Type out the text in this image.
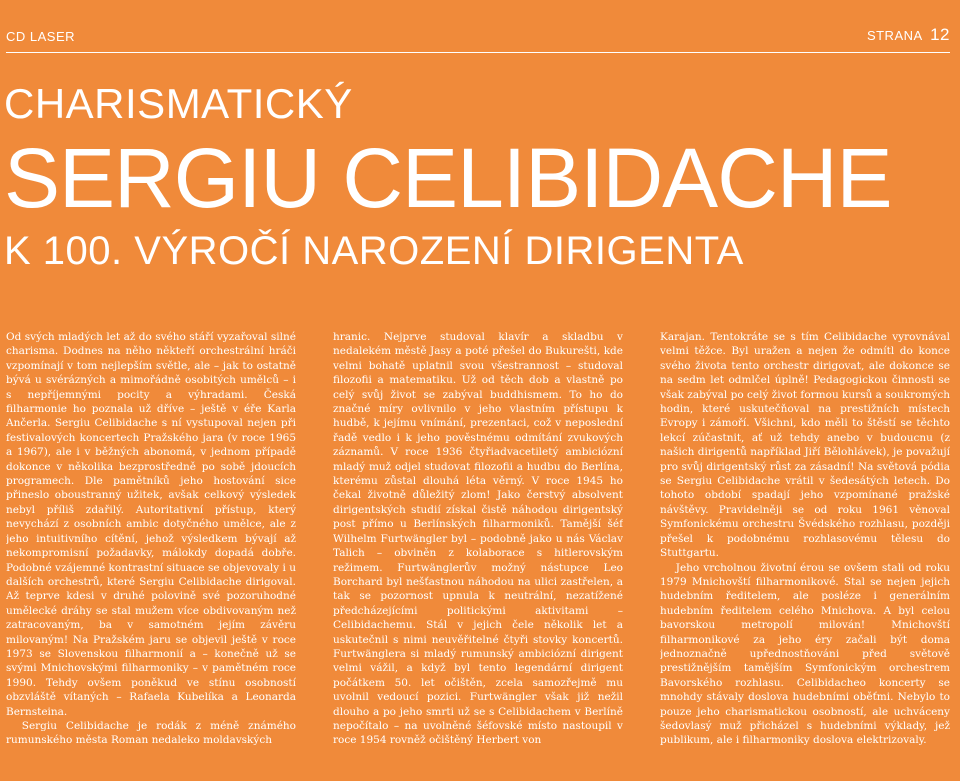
CD LASER	STRANA 12
CHARISMATICKÝ
SERGIU CELIBIDACHE
K 100. VÝROČÍ NAROZENÍ DIRIGENTA

Od svých mladých let až do svého stáří vyzařoval silné charisma. Dodnes na něho někteří orchestrální hráči vzpomínají v tom nejlepším světle, ale – jak to ostatně bývá u svérázných a mimořádně osobitých umělců – i s nepříjemnými pocity a výhradami. Česká filharmonie ho poznala už dříve – ještě v éře Karla Ančerla. Sergiu Celibidache s ní vystupoval nejen při festivalových koncertech Pražského jara (v roce 1965 a 1967), ale i v běžných abonomá, v jednom případě dokonce v několika bezprostředně po sobě jdoucích programech. Dle pamětníků jeho hostování sice přineslo oboustranný užitek, avšak celkový výsledek nebyl příliš zdařilý. Autoritativní přístup, který nevychází z osobních ambic dotyčného umělce, ale z jeho intuitivního cítění, jehož výsledkem bývají až nekompromisní požadavky, málokdy dopadá dobře. Podobné vzájemné kontrastní situace se objevovaly i u dalších orchestrů, které Sergiu Celibidache dirigoval. Až teprve kdesi v druhé polovině své pozoruhodné umělecké dráhy se stal mužem více obdivovaným než zatracovaným, ba v samotném jejím závěru milovaným! Na Pražském jaru se objevil ještě v roce 1973 se Slovenskou filharmonií a – konečně už se svými Mnichovskými filharmoniky – v pamětném roce 1990. Tehdy ovšem poněkud ve stínu osobností obzvláště vítaných – Rafaela Kubelíka a Leonarda Bernsteina.

Sergiu Celibidache je rodák z méně známého rumunského města Roman nedaleko moldavských

hranic. Nejprve studoval klavír a skladbu v nedalekém městě Jasy a poté přešel do Bukurešti, kde velmi bohatě uplatnil svou všestrannost – studoval filozofii a matematiku. Už od těch dob a vlastně po celý svůj život se zabýval buddhismem. To ho do značné míry ovlivnilo v jeho vlastním přístupu k hudbě, k jejímu vnímání, prezentaci, což v neposlední řadě vedlo i k jeho pověstnému odmítání zvukových záznamů. V roce 1936 čtyřiadvacetiletý ambiciózní mladý muž odjel studovat filozofii a hudbu do Berlína, kterému zůstal dlouhá léta věrný. V roce 1945 ho čekal životně důležitý zlom! Jako čerstvý absolvent dirigentských studií získal čistě náhodou dirigentský post přímo u Berlínských filharmoniků. Tamější šéf Wilhelm Furtwängler byl – podobně jako u nás Václav Talich – obviněn z kolaborace s hitlerovským režimem. Furtwänglerův možný nástupce Leo Borchard byl nešťastnou náhodou na ulici zastřelen, a tak se pozornost upnula k neutrální, nezatížené předcházejícími politickými aktivitami – Celibidachemu. Stál v jejich čele několik let a uskutečnil s nimi neuvěřitelné čtyři stovky koncertů. Furtwänglera si mladý rumunský ambiciózní dirigent velmi vážil, a když byl tento legendární dirigent počátkem 50. let očištěn, zcela samozřejmě mu uvolnil vedoucí pozici. Furtwängler však již nežil dlouho a po jeho smrti už se s Celibidachem v Berlíně nepočítalo – na uvolněné šéfovské místo nastoupil v roce 1954 rovněž očištěný Herbert von

Karajan. Tentokráte se s tím Celibidache vyrovnával velmi těžce. Byl uražen a nejen že odmítl do konce svého života tento orchestr dirigovat, ale dokonce se na sedm let odmlčel úplně! Pedagogickou činnosti se však zabýval po celý život formou kursů a soukromých hodin, které uskutečňoval na prestižních místech Evropy i zámoří. Všichni, kdo měli to štěstí se těchto lekcí zúčastnit, ať už tehdy anebo v budoucnu (z našich dirigentů například Jiří Bělohlávek), je považují pro svůj dirigentský růst za zásadní! Na světová pódia se Sergiu Celibidache vrátil v šedesátých letech. Do tohoto období spadají jeho vzpomínané pražské návštěvy. Pravidelněji se od roku 1961 věnoval Symfonickému orchestru Švédského rozhlasu, později přešel k podobnému rozhlasovému tělesu do Stuttgartu.

Jeho vrcholnou životní érou se ovšem stali od roku 1979 Mnichovští filharmonikové. Stal se nejen jejich hudebním ředitelem, ale posléze i generálním hudebním ředitelem celého Mnichova. A byl celou bavorskou metropolí milován! Mnichovští filharmonikové za jeho éry začali být doma jednoznačně upřednostňováni před světově prestižnějším tamějším Symfonickým orchestrem Bavorského rozhlasu. Celibidacheo koncerty se mnohdy stávaly doslova hudebními oběťmi. Nebylo to pouze jeho charismatickou osobností, ale uchváceny šedovlasý muž přicházel s hudebními výklady, jež publikum, ale i filharmoniky doslova elektrizovaly.
